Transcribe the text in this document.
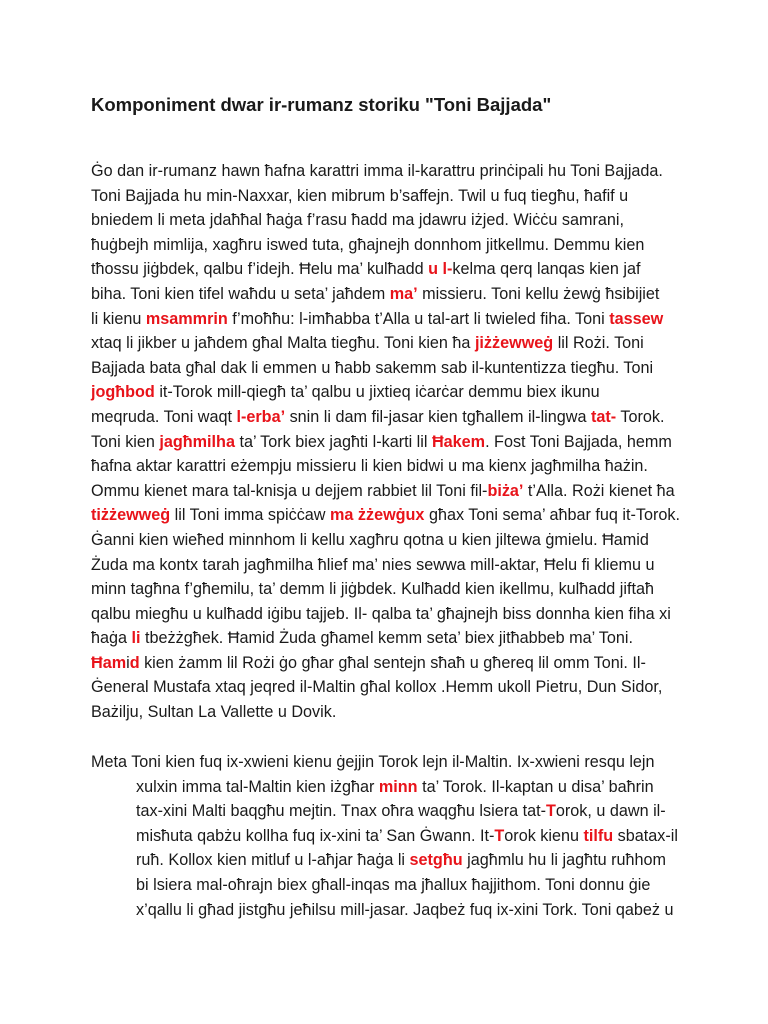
Komponiment dwar ir-rumanz storiku "Toni Bajjada"
Ġo dan ir-rumanz hawn ħafna karattri imma il-karattru prinċipali hu Toni Bajjada.
Toni Bajjada hu min-Naxxar, kien mibrum b’saffejn. Twil u fuq tiegħu, ħafif u
bniedem li meta jdaħħal ħaġa f’rasu ħadd ma jdawru iżjed. Wiċċu samrani,
ħuġbejh mimlija, xagħru iswed tuta, għajnejh donnhom jitkellmu. Demmu kien
tħossu jiġbdek, qalbu f’idejh. Ħelu ma’ kulħadd u l-kelma qerq lanqas kien jaf
biha. Toni kien tifel waħdu u seta’ jaħdem ma’ missieru. Toni kellu żewġ ħsibijiet
li kienu msammrin f’moħħu: l-imħabba t’Alla u tal-art li twieled fiha. Toni tassew
xtaq li jikber u jaħdem għal Malta tiegħu. Toni kien ħa jiżżewweġ lil Rożi. Toni
Bajjada bata għal dak li emmen u ħabb sakemm sab il-kuntentizza tiegħu. Toni
jogħbod it-Torok mill-qiegħ ta’ qalbu u jixtieq iċarċar demmu biex ikunu
meqruda. Toni waqt l-erba’ snin li dam fil-jasar kien tgħallem il-lingwa tat- Torok.
Toni kien jagħmilha ta’ Tork biex jagħti l-karti lil Ħakem. Fost Toni Bajjada, hemm
ħafna aktar karattri eżempju missieru li kien bidwi u ma kienx jagħmilha ħażin.
Ommu kienet mara tal-knisja u dejjem rabbiet lil Toni fil-biża’ t’Alla. Rożi kienet ħa
tiżżewweġ lil Toni imma spiċċaw ma żżewġux għax Toni sema’ aħbar fuq it-Torok.
Ġanni kien wieħed minnhom li kellu xagħru qotna u kien jiltewa ġmielu. Ħamid
Żuda ma kontx tarah jagħmilha ħlief ma’ nies sewwa mill-aktar, Ħelu fi kliemu u
minn tagħna f’għemilu, ta’ demm li jiġbdek. Kulħadd kien ikellmu, kulħadd jiftaħ
qalbu miegħu u kulħadd iġibu tajjeb. Il- qalba ta’ għajnejh biss donnha kien fiha xi
ħaġa li tbeżżgħek. Ħamid Żuda għamel kemm seta’ biex jitħabbeb ma’ Toni.
Ħamid kien żamm lil Rożi ġo għar għal sentejn sħaħ u għereq lil omm Toni. Il-
Ġeneral Mustafa xtaq jeqred il-Maltin għal kollox .Hemm ukoll Pietru, Dun Sidor,
Bażilju, Sultan La Vallette u Dovik.
Meta Toni kien fuq ix-xwieni kienu ġejjin Torok lejn il-Maltin. Ix-xwieni resqu lejn
xulxin imma tal-Maltin kien iżgħar minn ta’ Torok. Il-kaptan u disa’ baħrin
tax-xini Malti baqgħu mejtin. Tnax oħra waqgħu lsiera tat-Torok, u dawn il-
misħuta qabżu kollha fuq ix-xini ta’ San Ġwann. It-Torok kienu tilfu sbatax-il
ruħ. Kollox kien mitluf u l-aħjar ħaġa li setgħu jagħmlu hu li jagħtu ruħhom
bi lsiera mal-oħrajn biex għall-inqas ma jħallux ħajjithom. Toni donnu ġie
x’qallu li għad jistgħu jeħilsu mill-jasar. Jaqbeż fuq ix-xini Tork. Toni qabeż u
